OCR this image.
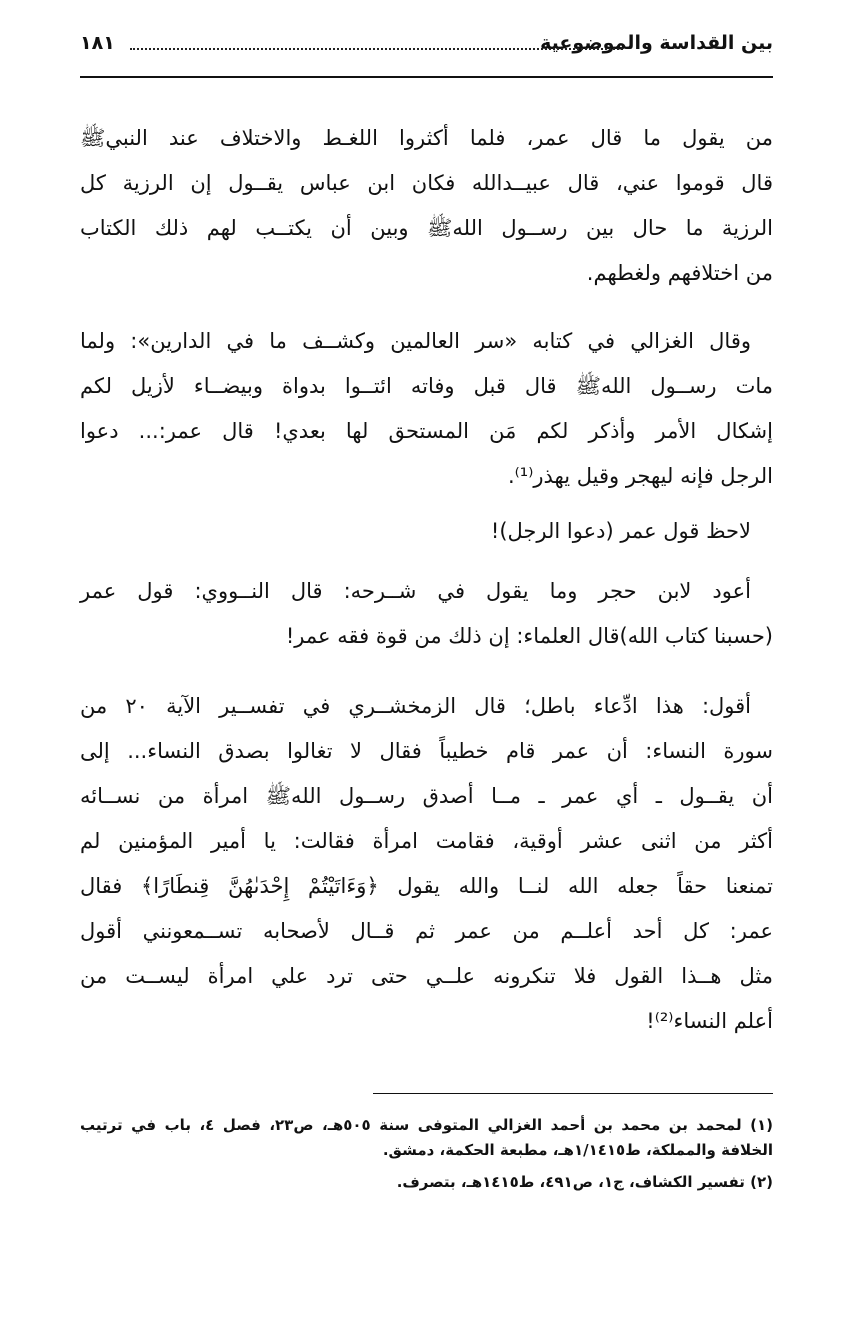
بين القداسة والموضوعية
١٨١
من يقول ما قال عمر، فلما أكثروا اللغـط والاختلاف عند النبيﷺ
قال قوموا عني، قال عبيــدالله فكان ابن عباس يقــول إن الرزية كل
الرزية ما حال بين رســول اللهﷺ وبين أن يكتــب لهم ذلك الكتاب
من اختلافهم ولغطهم.
وقال الغزالي في كتابه «سر العالمين وكشــف ما في الدارين»: ولما
مات رســول اللهﷺ قال قبل وفاته ائتــوا بدواة وبيضــاء لأزيل لكم
إشكال الأمر وأذكر لكم مَن المستحق لها بعدي! قال عمر:... دعوا
الرجل فإنه ليهجر وقيل يهذر⁽¹⁾.
لاحظ قول عمر (دعوا الرجل)!
أعود لابن حجر وما يقول في شــرحه: قال النــووي: قول عمر
(حسبنا كتاب الله)قال العلماء: إن ذلك من قوة فقه عمر!
أقول: هذا ادِّعاء باطل؛ قال الزمخشــري في تفســير الآية ٢٠ من
سورة النساء: أن عمر قام خطيباً فقال لا تغالوا بصدق النساء... إلى
أن يقــول ـ أي عمر ـ مــا أصدق رســول اللهﷺ امرأة من نســائه
أكثر من اثنى عشر أوقية، فقامت امرأة فقالت: يا أمير المؤمنين لم
تمنعنا حقاً جعله الله لنــا والله يقول ﴿وَءَاتَيْتُمْ إِحْدَىٰهُنَّ قِنطَارًا﴾ فقال
عمر: كل أحد أعلــم من عمر ثم قــال لأصحابه تســمعونني أقول
مثل هــذا القول فلا تنكرونه علــي حتى ترد علي امرأة ليســت من
أعلم النساء⁽²⁾!
(١) لمحمد بن محمد بن أحمد الغزالي المتوفى سنة ٥٠٥هـ، ص٢٣، فصل ٤، باب في ترتيب
الخلافة والمملكة، ط١/١٤١٥هـ، مطبعة الحكمة، دمشق.
(٢) تفسير الكشاف، ج١، ص٤٩١، ط١٤١٥هـ، بتصرف.
